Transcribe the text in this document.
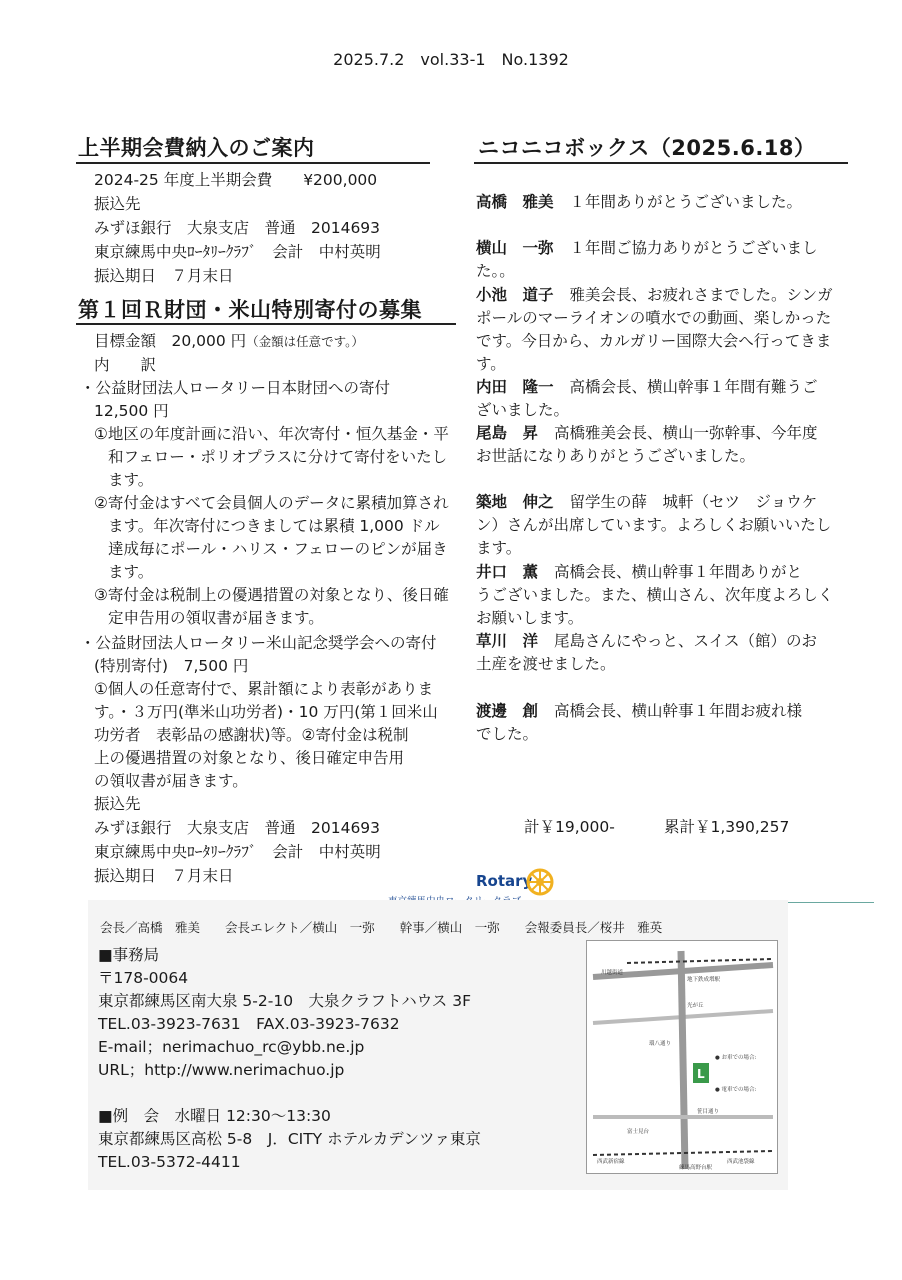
2025.7.2　vol.33-1　No.1392
上半期会費納入のご案内
2024-25 年度上半期会費　　¥200,000
振込先
みずほ銀行　大泉支店　普通　2014693
東京練馬中央ﾛｰﾀﾘｰｸﾗﾌﾞ　会計　中村英明
振込期日　７月末日
第１回Ｒ財団・米山特別寄付の募集
目標金額　20,000 円（金額は任意です。）
内　　訳
・公益財団法人ロータリー日本財団への寄付
12,500 円

①地区の年度計画に沿い、年次寄付・恒久基金・平

和フェロー・ポリオプラスに分けて寄付をいたし

ます。

②寄付金はすべて会員個人のデータに累積加算され

ます。年次寄付につきましては累積 1,000 ドル

達成毎にポール・ハリス・フェローのピンが届き

ます。

③寄付金は税制上の優遇措置の対象となり、後日確

定申告用の領収書が届きます。

・公益財団法人ロータリー米山記念奨学会への寄付
(特別寄付)　7,500 円

①個人の任意寄付で、累計額により表彰がありま

す。・３万円(準米山功労者)・10 万円(第１回米山

功労者　表彰品の感謝状)等。②寄付金は税制

上の優遇措置の対象となり、後日確定申告用

の領収書が届きます。

振込先
みずほ銀行　大泉支店　普通　2014693
東京練馬中央ﾛｰﾀﾘｰｸﾗﾌﾞ　会計　中村英明
振込期日　７月末日
ニコニコボックス（2025.6.18）
高橋　雅美 １年間ありがとうございました。
横山　一弥 １年間ご協力ありがとうございまし
た。。
小池　道子 雅美会長、お疲れさまでした。シンガ
ポールのマーライオンの噴水での動画、楽しかった
です。今日から、カルガリー国際大会へ行ってきま
す。
内田　隆一 高橋会長、横山幹事１年間有難うご
ざいました。
尾島　昇 高橋雅美会長、横山一弥幹事、今年度
お世話になりありがとうございました。
築地　伸之 留学生の薛　城軒（セツ　ジョウケ
ン）さんが出席しています。よろしくお願いいたし
ます。
井口　薫 高橋会長、横山幹事１年間ありがと
うございました。また、横山さん、次年度よろしく
お願いします。
草川　洋 尾島さんにやっと、スイス（館）のお
土産を渡せました。
渡邊　創 高橋会長、横山幹事１年間お疲れ様
でした。
計￥19,000-	累計￥1,390,257
Rotary
会長／高橋　雅美　　会長エレクト／横山　一弥　　幹事／横山　一弥　　会報委員長／桜井　雅英
■事務局
〒178-0064
東京都練馬区南大泉 5-2-10　大泉クラフトハウス 3F
TEL.03-3923-7631　FAX.03-3923-7632
E-mail；nerimachuo_rc@ybb.ne.jp
URL；http://www.nerimachuo.jp
■例　会　水曜日 12:30～13:30
東京都練馬区高松 5-8　J．CITY ホテルカデンツァ東京
TEL.03-5372-4411
L
川越街道
地下鉄成増駅
光が丘
環八通り
● お車での場合:
● 電車での場合:
笹目通り
富士見台
西武新宿線	西武池袋線
練馬高野台駅
